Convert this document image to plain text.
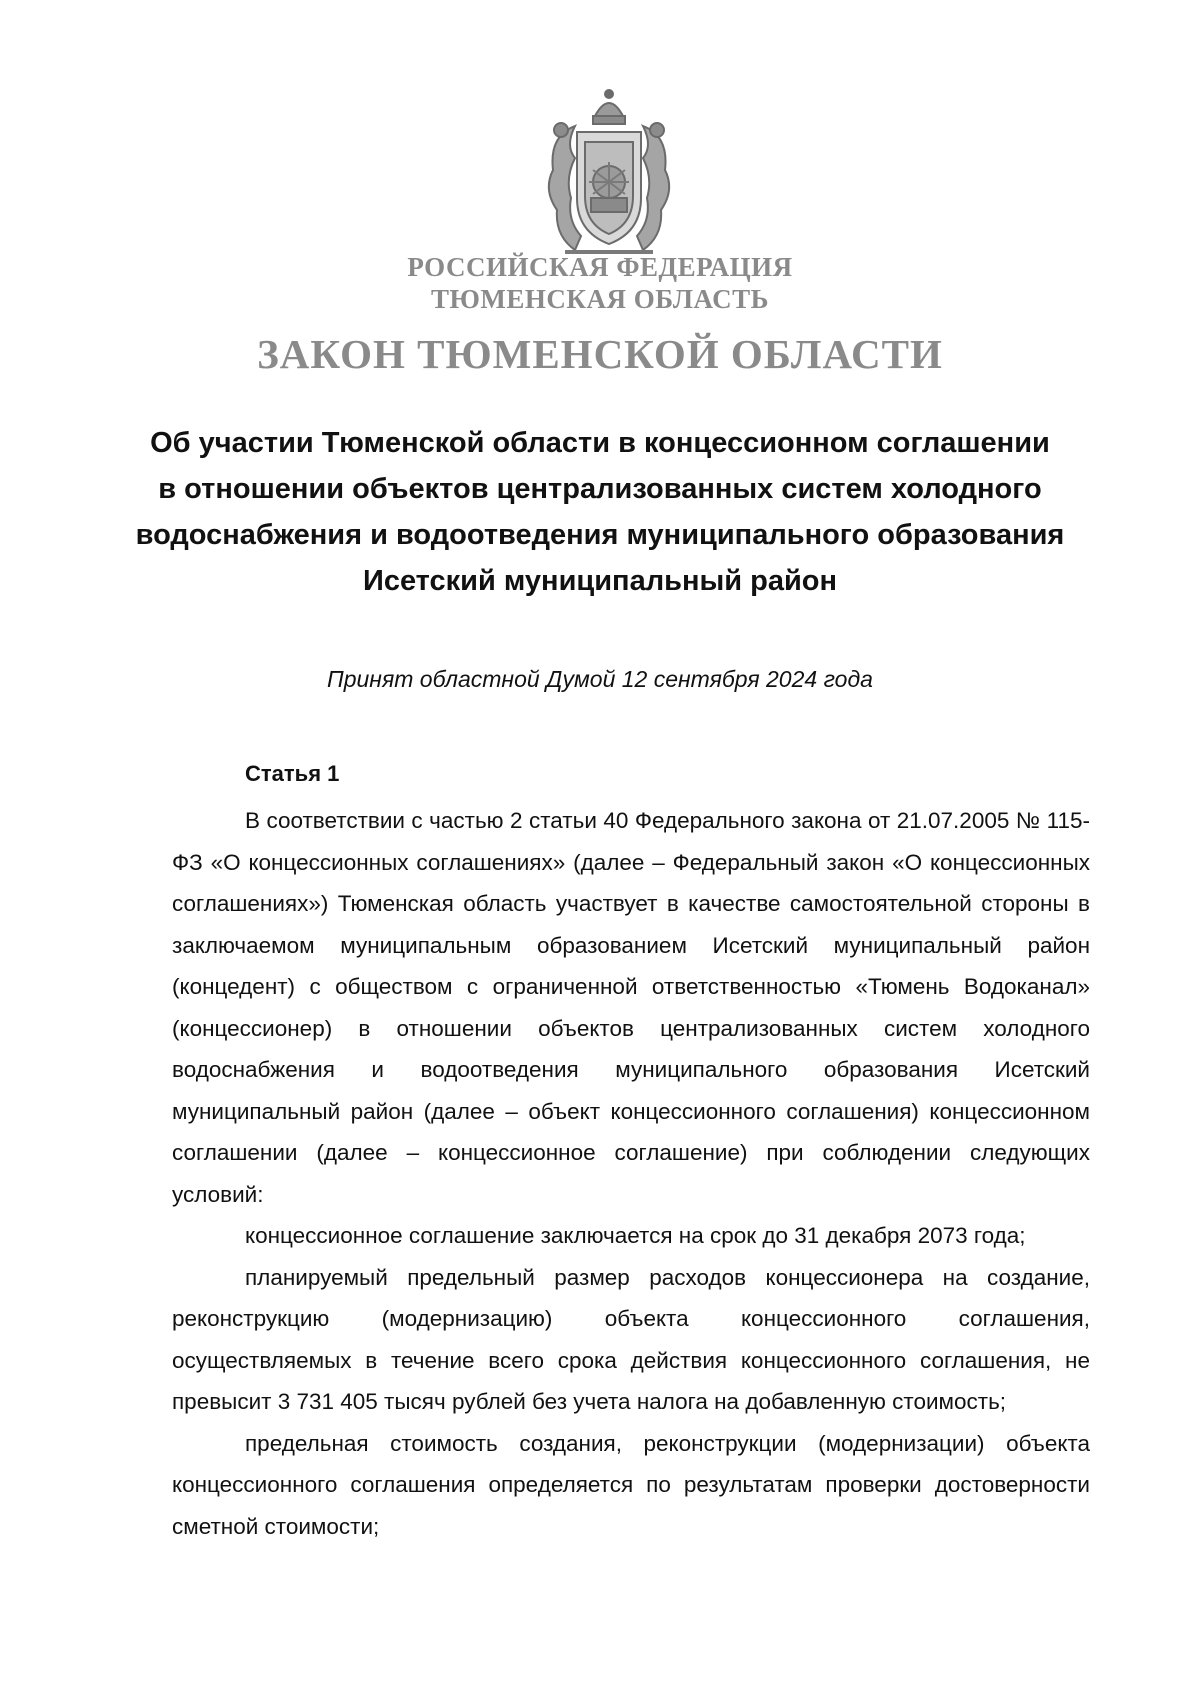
РОССИЙСКАЯ ФЕДЕРАЦИЯ
ТЮМЕНСКАЯ ОБЛАСТЬ
ЗАКОН ТЮМЕНСКОЙ ОБЛАСТИ
Об участии Тюменской области в концессионном соглашении
в отношении объектов централизованных систем холодного
водоснабжения и водоотведения муниципального образования
Исетский муниципальный район
Принят областной Думой 12 сентября 2024 года
Статья 1

В соответствии с частью 2 статьи 40 Федерального закона от 21.07.2005 № 115-ФЗ «О концессионных соглашениях» (далее – Федеральный закон «О концессионных соглашениях») Тюменская область участвует в качестве самостоятельной стороны в заключаемом муниципальным образованием Исетский муниципальный район (концедент) с обществом с ограниченной ответственностью «Тюмень Водоканал» (концессионер) в отношении объектов централизованных систем холодного водоснабжения и водоотведения муниципального образования Исетский муниципальный район (далее – объект концессионного соглашения) концессионном соглашении (далее – концессионное соглашение) при соблюдении следующих условий:

концессионное соглашение заключается на срок до 31 декабря 2073 года;

планируемый предельный размер расходов концессионера на создание, реконструкцию (модернизацию) объекта концессионного соглашения, осуществляемых в течение всего срока действия концессионного соглашения, не превысит 3 731 405 тысяч рублей без учета налога на добавленную стоимость;

предельная стоимость создания, реконструкции (модернизации) объекта концессионного соглашения определяется по результатам проверки достоверности сметной стоимости;
